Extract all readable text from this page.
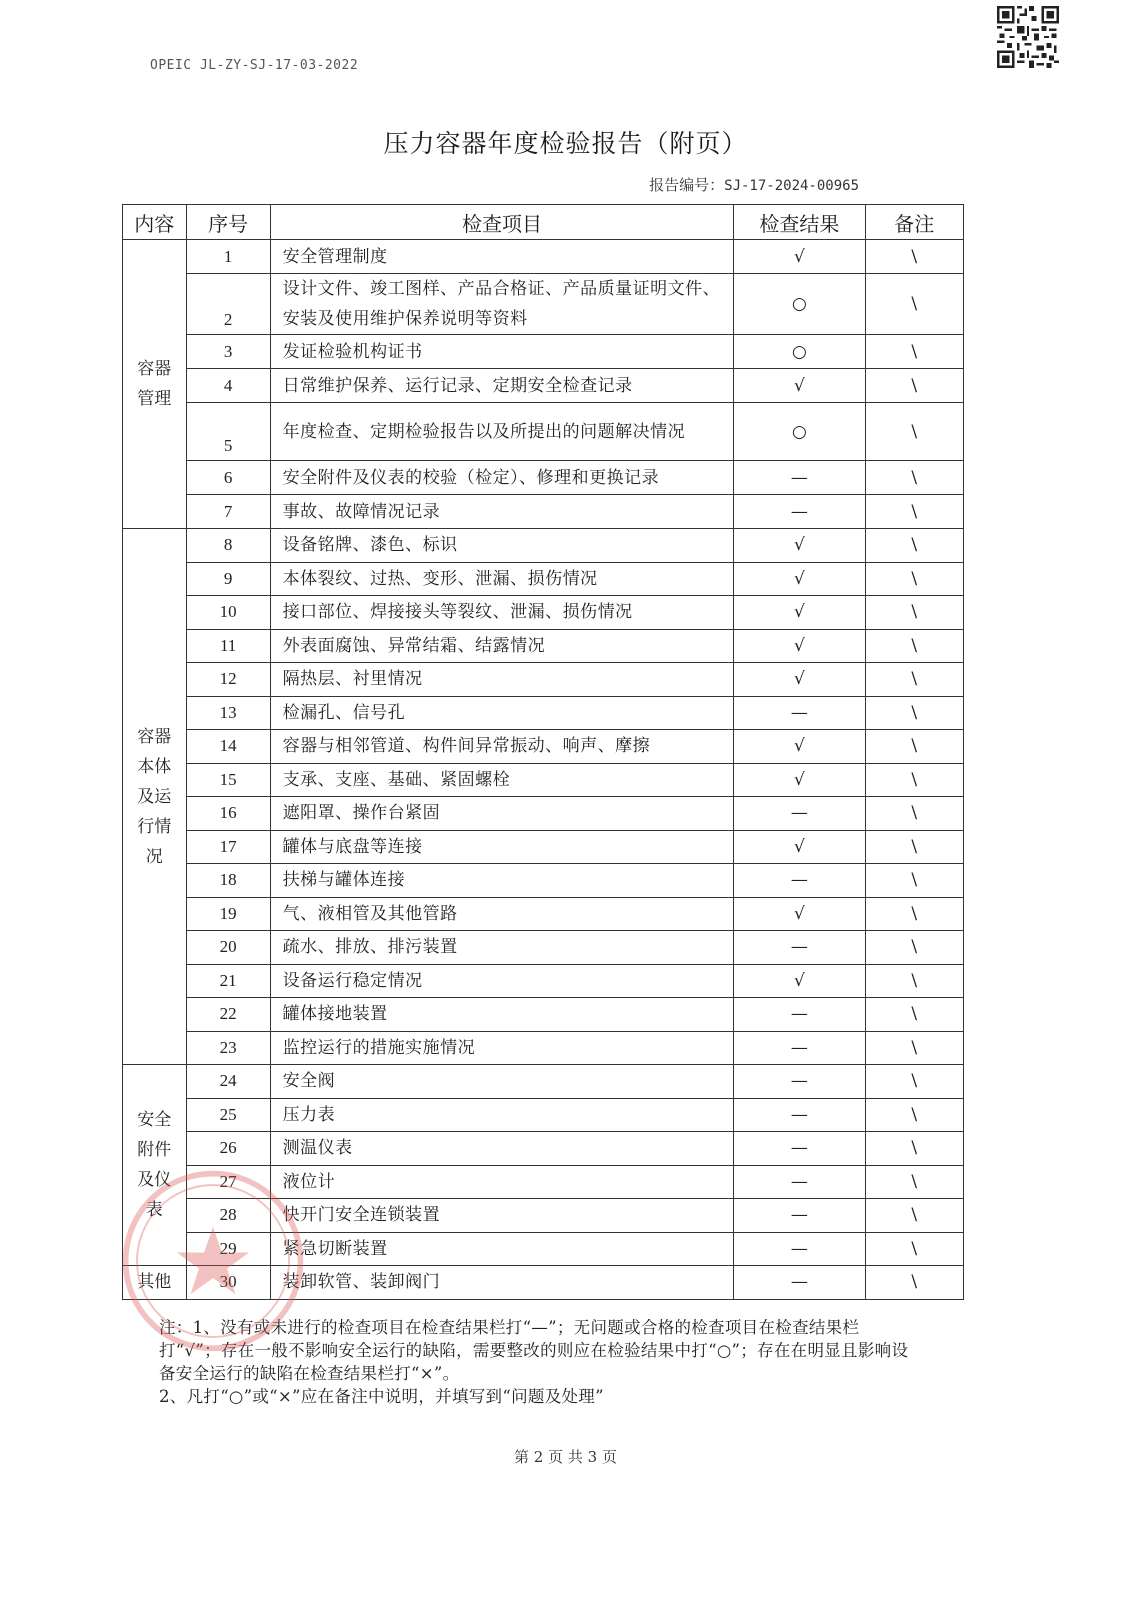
OPEIC JL-ZY-SJ-17-03-2022
压力容器年度检验报告（附页）
报告编号：SJ-17-2024-00965
内容	序号	检查项目	检查结果	备注
容器管理	1	安全管理制度	√	\
	2	设计文件、竣工图样、产品合格证、产品质量证明文件、安装及使用维护保养说明等资料	○	\
	3	发证检验机构证书	○	\
	4	日常维护保养、运行记录、定期安全检查记录	√	\
	5	年度检查、定期检验报告以及所提出的问题解决情况	○	\
	6	安全附件及仪表的校验（检定）、修理和更换记录	—	\
	7	事故、故障情况记录	—	\
容器本体及运行情况	8	设备铭牌、漆色、标识	√	\
	9	本体裂纹、过热、变形、泄漏、损伤情况	√	\
	10	接口部位、焊接接头等裂纹、泄漏、损伤情况	√	\
	11	外表面腐蚀、异常结霜、结露情况	√	\
	12	隔热层、衬里情况	√	\
	13	检漏孔、信号孔	—	\
	14	容器与相邻管道、构件间异常振动、响声、摩擦	√	\
	15	支承、支座、基础、紧固螺栓	√	\
	16	遮阳罩、操作台紧固	—	\
	17	罐体与底盘等连接	√	\
	18	扶梯与罐体连接	—	\
	19	气、液相管及其他管路	√	\
	20	疏水、排放、排污装置	—	\
	21	设备运行稳定情况	√	\
	22	罐体接地装置	—	\
	23	监控运行的措施实施情况	—	\
安全附件及仪表	24	安全阀	—	\
	25	压力表	—	\
	26	测温仪表	—	\
	27	液位计	—	\
	28	快开门安全连锁装置	—	\
	29	紧急切断装置	—	\
其他	30	装卸软管、装卸阀门	—	\

注：1、没有或未进行的检查项目在检查结果栏打“—”；无问题或合格的检查项目在检查结果栏打“√”；存在一般不影响安全运行的缺陷，需要整改的则应在检验结果中打“○”；存在在明显且影响设备安全运行的缺陷在检查结果栏打“×”。

2、凡打“○”或“×”应在备注中说明，并填写到“问题及处理”

第 2 页 共 3 页
